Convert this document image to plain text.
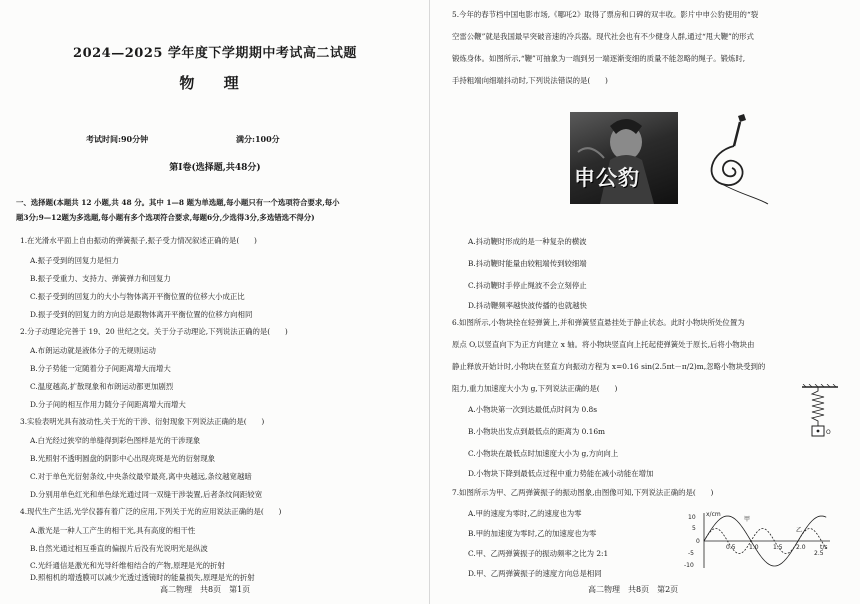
2024—2025 学年度下学期期中考试高二试题
物 理
考试时间:90分钟	满分:100分
第Ⅰ卷(选择题,共48分)
一、选择题(本题共 12 小题,共 48 分。其中 1—8 题为单选题,每小题只有一个选项符合要求,每小
题3分;9—12题为多选题,每小题有多个选项符合要求,每题6分,少选得3分,多选错选不得分)
1.在光滑水平面上自由振动的弹簧振子,振子受力情况叙述正确的是(　　)
A.振子受到的回复力是恒力
B.振子受重力、支持力、弹簧弹力和回复力
C.振子受到的回复力的大小与物体离开平衡位置的位移大小成正比
D.振子受到的回复力的方向总是跟物体离开平衡位置的位移方向相同
2.分子动理论完善于 19、20 世纪之交。关于分子动理论,下列说法正确的是(　　)
A.布朗运动就是液体分子的无规则运动
B.分子势能一定随着分子间距离增大而增大
C.温度越高,扩散现象和布朗运动都更加剧烈
D.分子间的相互作用力随分子间距离增大而增大
3.实验表明光具有波动性,关于光的干涉、衍射现象下列说法正确的是(　　)
A.白光经过狭窄的单缝得到彩色图样是光的干涉现象
B.光照射不透明圆盘的阴影中心出现亮斑是光的衍射现象
C.对于单色光衍射条纹,中央条纹最窄最亮,离中央越远,条纹越宽越暗
D.分别用单色红光和单色绿光通过同一双缝干涉装置,后者条纹间距较宽
4.现代生产生活,光学仪器有着广泛的应用,下列关于光的应用说法正确的是(　　)
A.激光是一种人工产生的相干光,具有高度的相干性
B.自然光通过相互垂直的偏振片后没有光说明光是纵波
C.光纤通信是激光和光导纤维相结合的产物,原理是光的折射
高二物理　共8页　第1页
D.照相机的增透膜可以减少光透过透镜时的能量损失,原理是光的折射
5.今年的春节档中国电影市场,《哪吒2》取得了票房和口碑的双丰收。影片中申公豹使用的“裂
空雷公鞭”就是我国最早突破音速的冷兵器。现代社会也有不少健身人群,通过“甩大鞭”的形式
锻炼身体。如图所示,“鞭”可抽象为一端到另一端逐渐变细的质量不能忽略的绳子。锻炼时,
手持粗端向细端抖动时,下列说法错误的是(　　)
申公豹
A.抖动鞭时形成的是一种复杂的横波
B.抖动鞭时能量由较粗端传到较细端
C.抖动鞭时手停止绳波不会立刻停止
D.抖动鞭频率越快波传播的也就越快
6.如图所示,小物块拴在轻弹簧上,并和弹簧竖直悬挂处于静止状态。此时小物块所处位置为
原点 O,以竖直向下为正方向建立 x 轴。将小物块竖直向上托起使弹簧处于原长,后将小物块由
静止释放开始计时,小物块在竖直方向振动方程为 x=0.16 sin(2.5πt－π/2)m,忽略小物块受到的
阻力,重力加速度大小为 g,下列说法正确的是(　　)
A.小物块第一次到达最低点时间为 0.8s
B.小物块出发点到最低点的距离为 0.16m
C.小物块在最低点时加速度大小为 g,方向向上
D.小物块下降到最低点过程中重力势能在减小动能在增加
O
7.如图所示为甲、乙两弹簧振子的振动图象,由图像可知,下列说法正确的是(　　)
A.甲的速度为零时,乙的速度也为零
B.甲的加速度为零时,乙的加速度也为零
C.甲、乙两弹簧振子的振动频率之比为 2:1
D.甲、乙两弹簧振子的速度方向总是相同
x/cm
t/s
10
5
0
-5
-10
0.5 1.0 1.5 2.0
2.5
甲
乙
高二物理　共8页　第2页
